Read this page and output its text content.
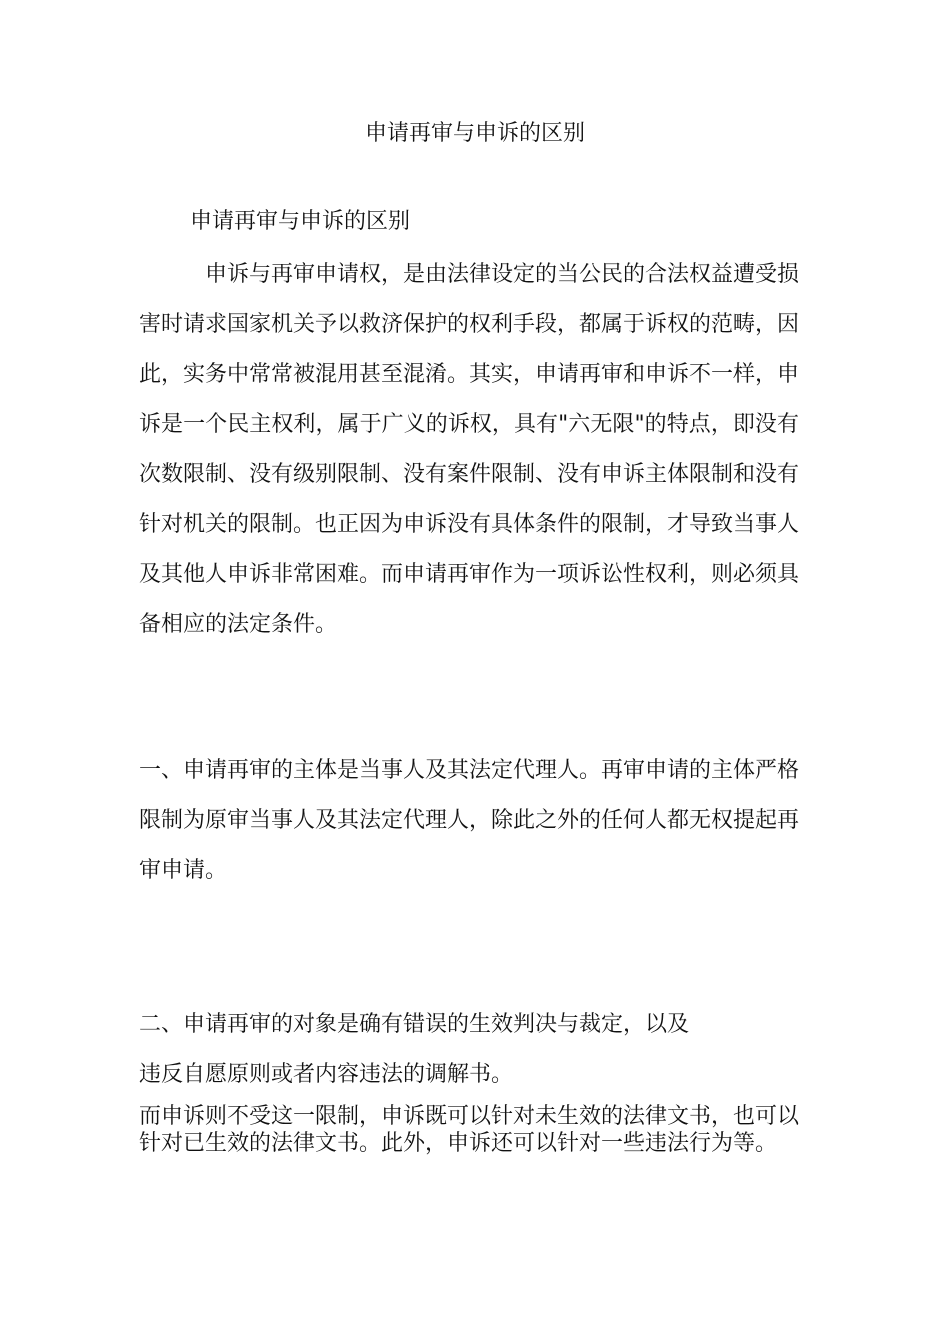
申请再审与申诉的区别
申请再审与申诉的区别

申诉与再审申请权，是由法律设定的当公民的合法权益遭受损害时请求国家机关予以救济保护的权利手段，都属于诉权的范畴，因此，实务中常常被混用甚至混淆。其实，申请再审和申诉不一样，申诉是一个民主权利，属于广义的诉权，具有"六无限"的特点，即没有次数限制、没有级别限制、没有案件限制、没有申诉主体限制和没有针对机关的限制。也正因为申诉没有具体条件的限制，才导致当事人及其他人申诉非常困难。而申请再审作为一项诉讼性权利，则必须具备相应的法定条件。

一、申请再审的主体是当事人及其法定代理人。再审申请的主体严格限制为原审当事人及其法定代理人，除此之外的任何人都无权提起再审申请。

二、申请再审的对象是确有错误的生效判决与裁定，以及
违反自愿原则或者内容违法的调解书。

而申诉则不受这一限制，申诉既可以针对未生效的法律文书，也可以针对已生效的法律文书。此外，申诉还可以针对一些违法行为等。
